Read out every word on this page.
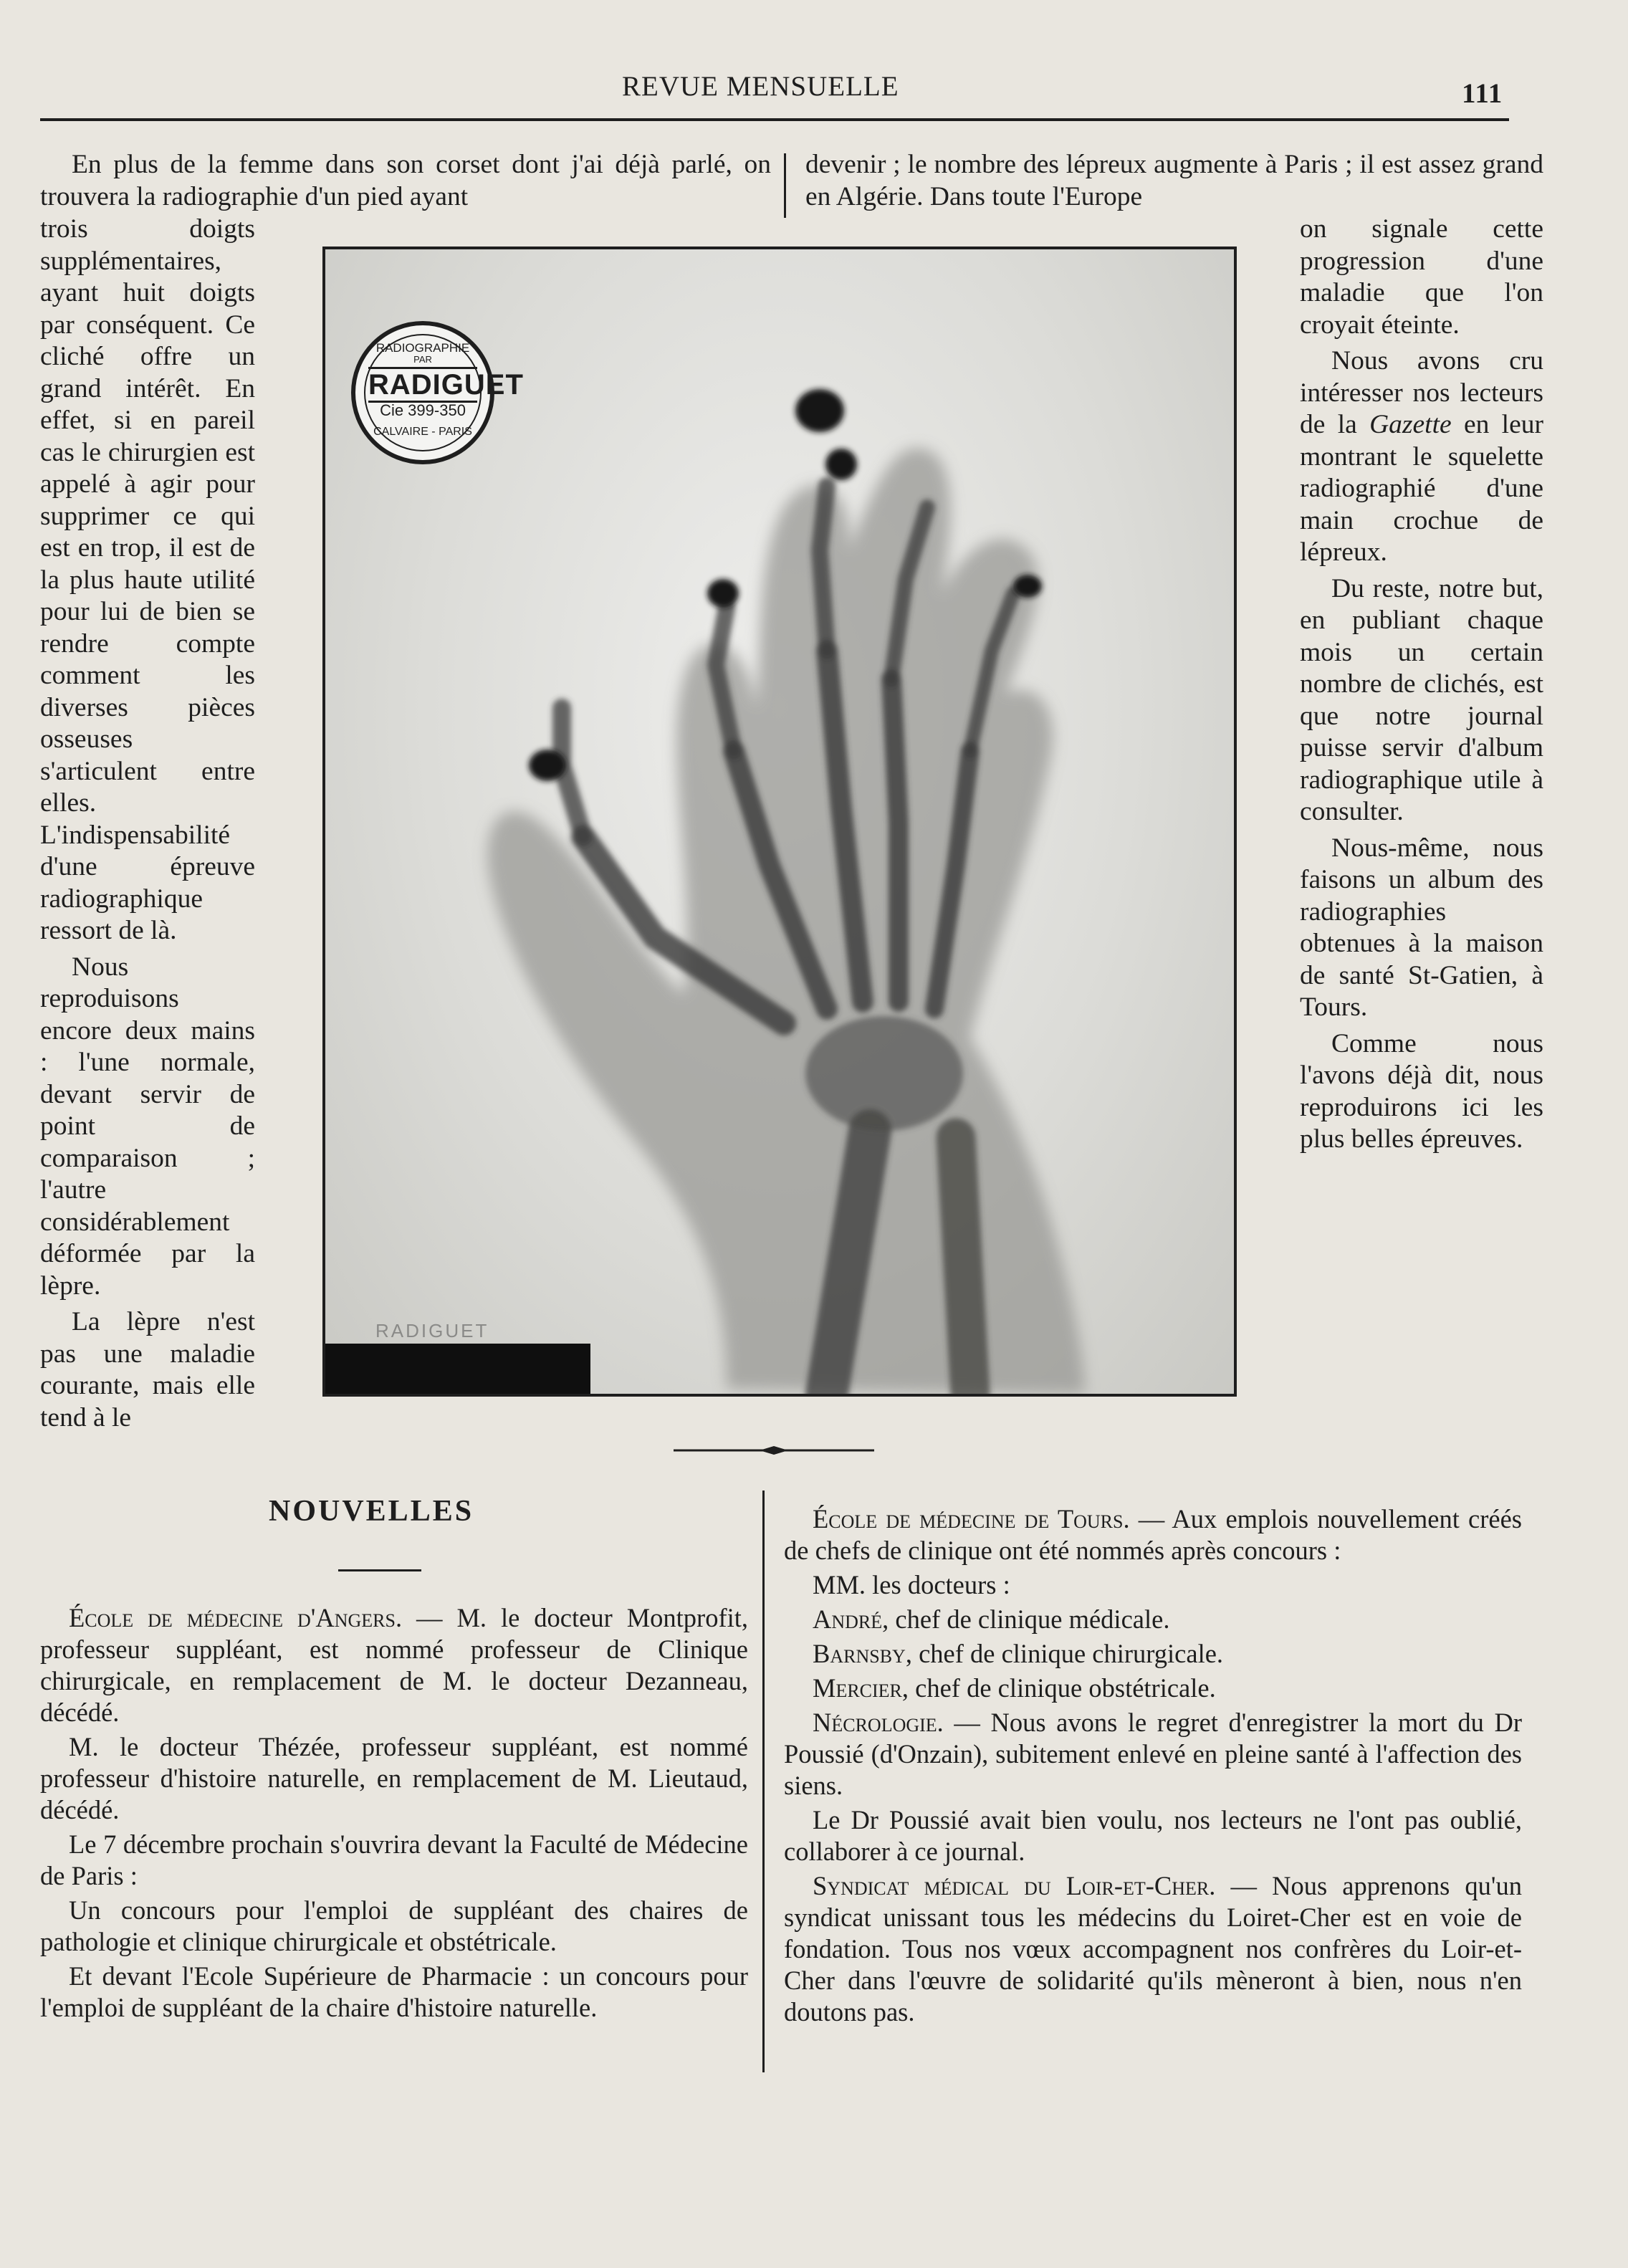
REVUE MENSUELLE	111
En plus de la femme dans son corset dont j'ai déjà parlé, on trouvera la radiographie d'un pied ayant
devenir ; le nombre des lépreux augmente à Paris ; il est assez grand en Algérie. Dans toute l'Europe

trois doigts supplémentaires, ayant huit doigts par conséquent. Ce cliché offre un grand intérêt. En effet, si en pareil cas le chirurgien est appelé à agir pour supprimer ce qui est en trop, il est de la plus haute utilité pour lui de bien se rendre compte comment les diverses pièces osseuses s'articulent entre elles. L'indispensabilité d'une épreuve radiographique ressort de là.

Nous reproduisons encore deux mains : l'une normale, devant servir de point de comparaison ; l'autre considérablement déformée par la lèpre.

La lèpre n'est pas une maladie courante, mais elle tend à le

on signale cette progression d'une maladie que l'on croyait éteinte.

Nous avons cru intéresser nos lecteurs de la Gazette en leur montrant le squelette radiographié d'une main crochue de lépreux.

Du reste, notre but, en publiant chaque mois un certain nombre de clichés, est que notre journal puisse servir d'album radiographique utile à consulter.

Nous-même, nous faisons un album des radiographies obtenues à la maison de santé St-Gatien, à Tours.

Comme nous l'avons déjà dit, nous reproduirons ici les plus belles épreuves.

RADIOGRAPHIE
PAR
RADIGUET
Cie 399-350
CALVAIRE - PARIS
RADIGUET
NOUVELLES

École de médecine d'Angers. — M. le docteur Montprofit, professeur suppléant, est nommé professeur de Clinique chirurgicale, en remplacement de M. le docteur Dezanneau, décédé.

M. le docteur Thézée, professeur suppléant, est nommé professeur d'histoire naturelle, en remplacement de M. Lieutaud, décédé.

Le 7 décembre prochain s'ouvrira devant la Faculté de Médecine de Paris :

Un concours pour l'emploi de suppléant des chaires de pathologie et clinique chirurgicale et obstétricale.

Et devant l'Ecole Supérieure de Pharmacie : un concours pour l'emploi de suppléant de la chaire d'histoire naturelle.

École de médecine de Tours. — Aux emplois nouvellement créés de chefs de clinique ont été nommés après concours :

MM. les docteurs :

André, chef de clinique médicale.

Barnsby, chef de clinique chirurgicale.

Mercier, chef de clinique obstétricale.

Nécrologie. — Nous avons le regret d'enregistrer la mort du Dr Poussié (d'Onzain), subitement enlevé en pleine santé à l'affection des siens.

Le Dr Poussié avait bien voulu, nos lecteurs ne l'ont pas oublié, collaborer à ce journal.

Syndicat médical du Loir-et-Cher. — Nous apprenons qu'un syndicat unissant tous les médecins du Loiret-Cher est en voie de fondation. Tous nos vœux accompagnent nos confrères du Loir-et-Cher dans l'œuvre de solidarité qu'ils mèneront à bien, nous n'en doutons pas.
